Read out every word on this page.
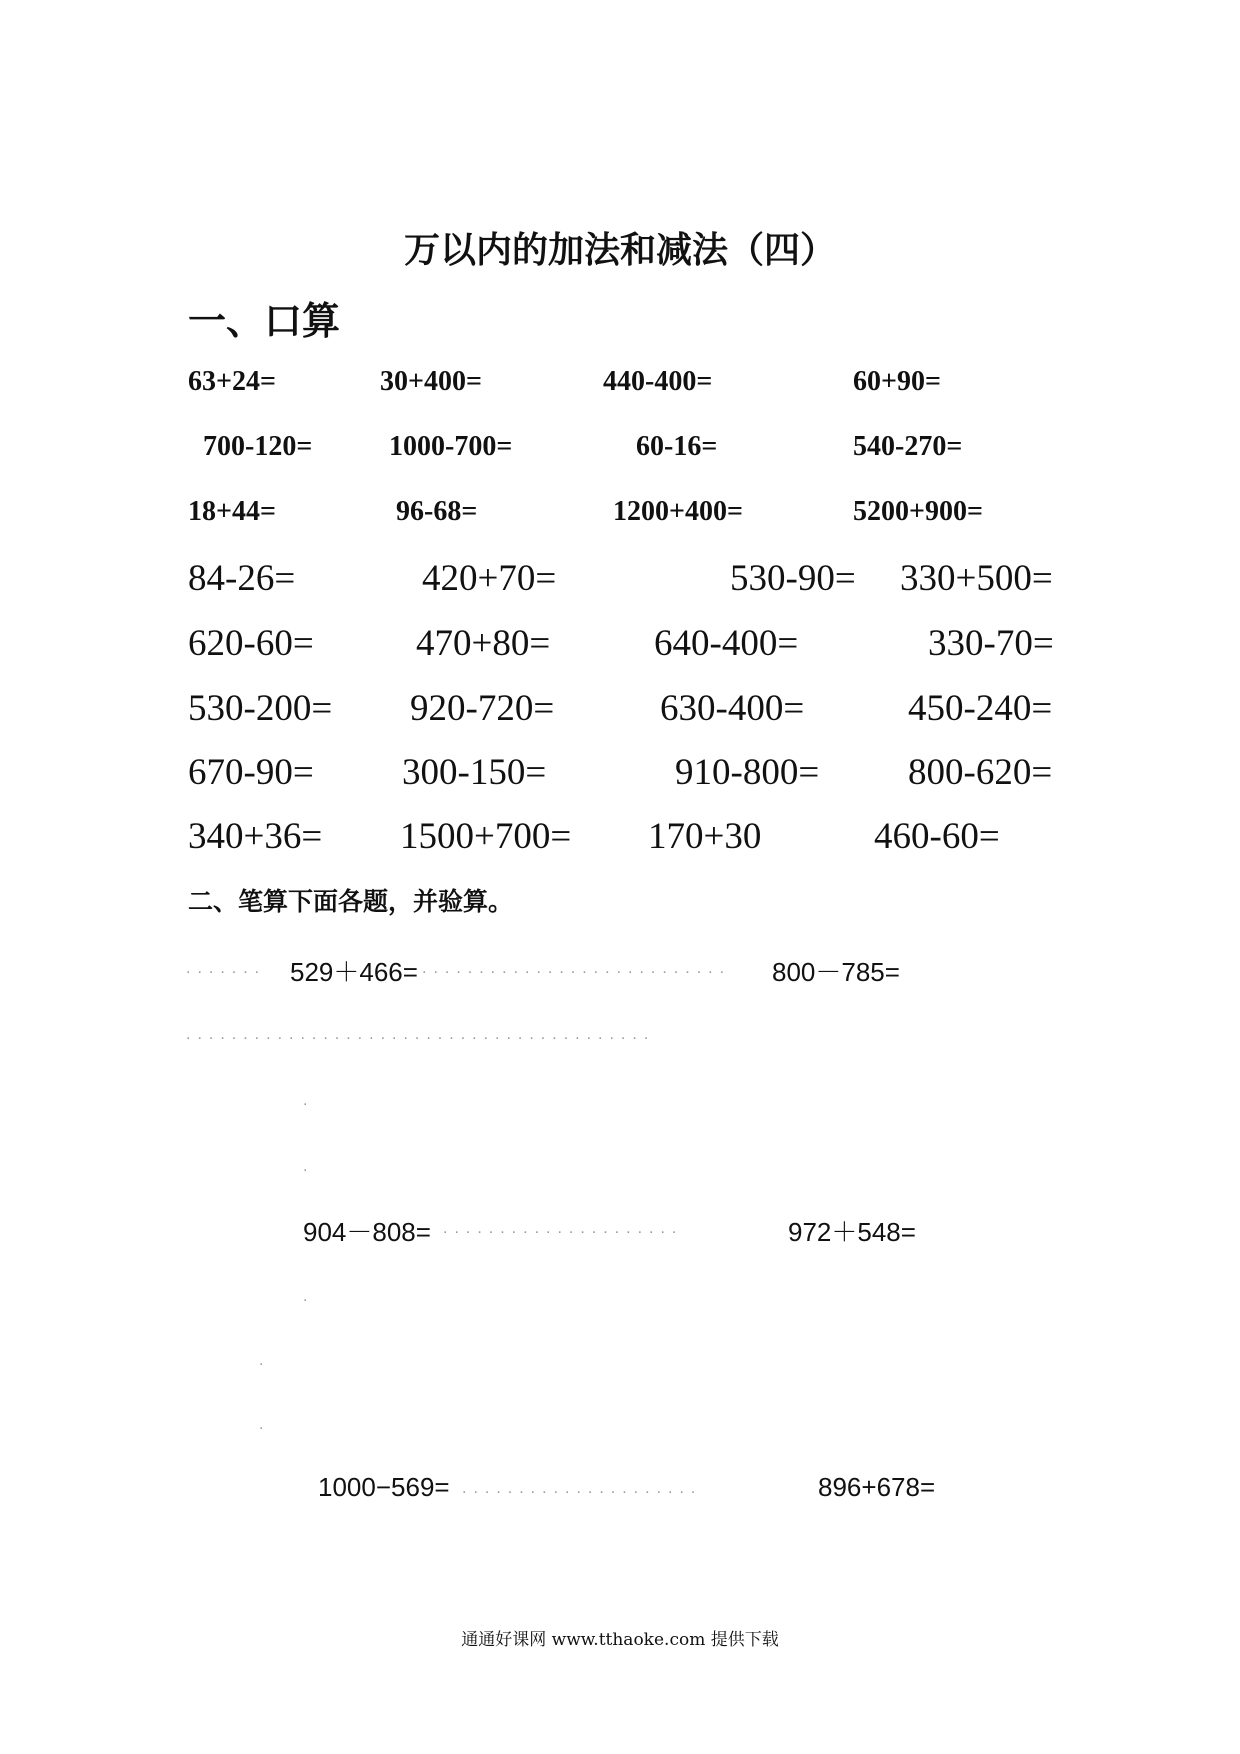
万以内的加法和减法（四）
一、口算
63+24=	30+400=	440-400=	60+90=
700-120=	1000-700=	60-16=	540-270=
18+44=	96-68=	1200+400=	5200+900=
84-26=	420+70=	530-90= 330+500=
620-60=	470+80=	640-400=	330-70=
530-200= 920-720=	630-400=	450-240=
670-90= 300-150=	910-800= 800-620=
340+36= 1500+700= 170+30	460-60=
二、笔算下面各题，并验算。
....... 529＋466= ........................... 800－785=
.........................................
.
.
904－808= .....................	972＋548=
.
.
.
1000−569= .....................	896+678=
通通好课网 www.tthaoke.com 提供下载
